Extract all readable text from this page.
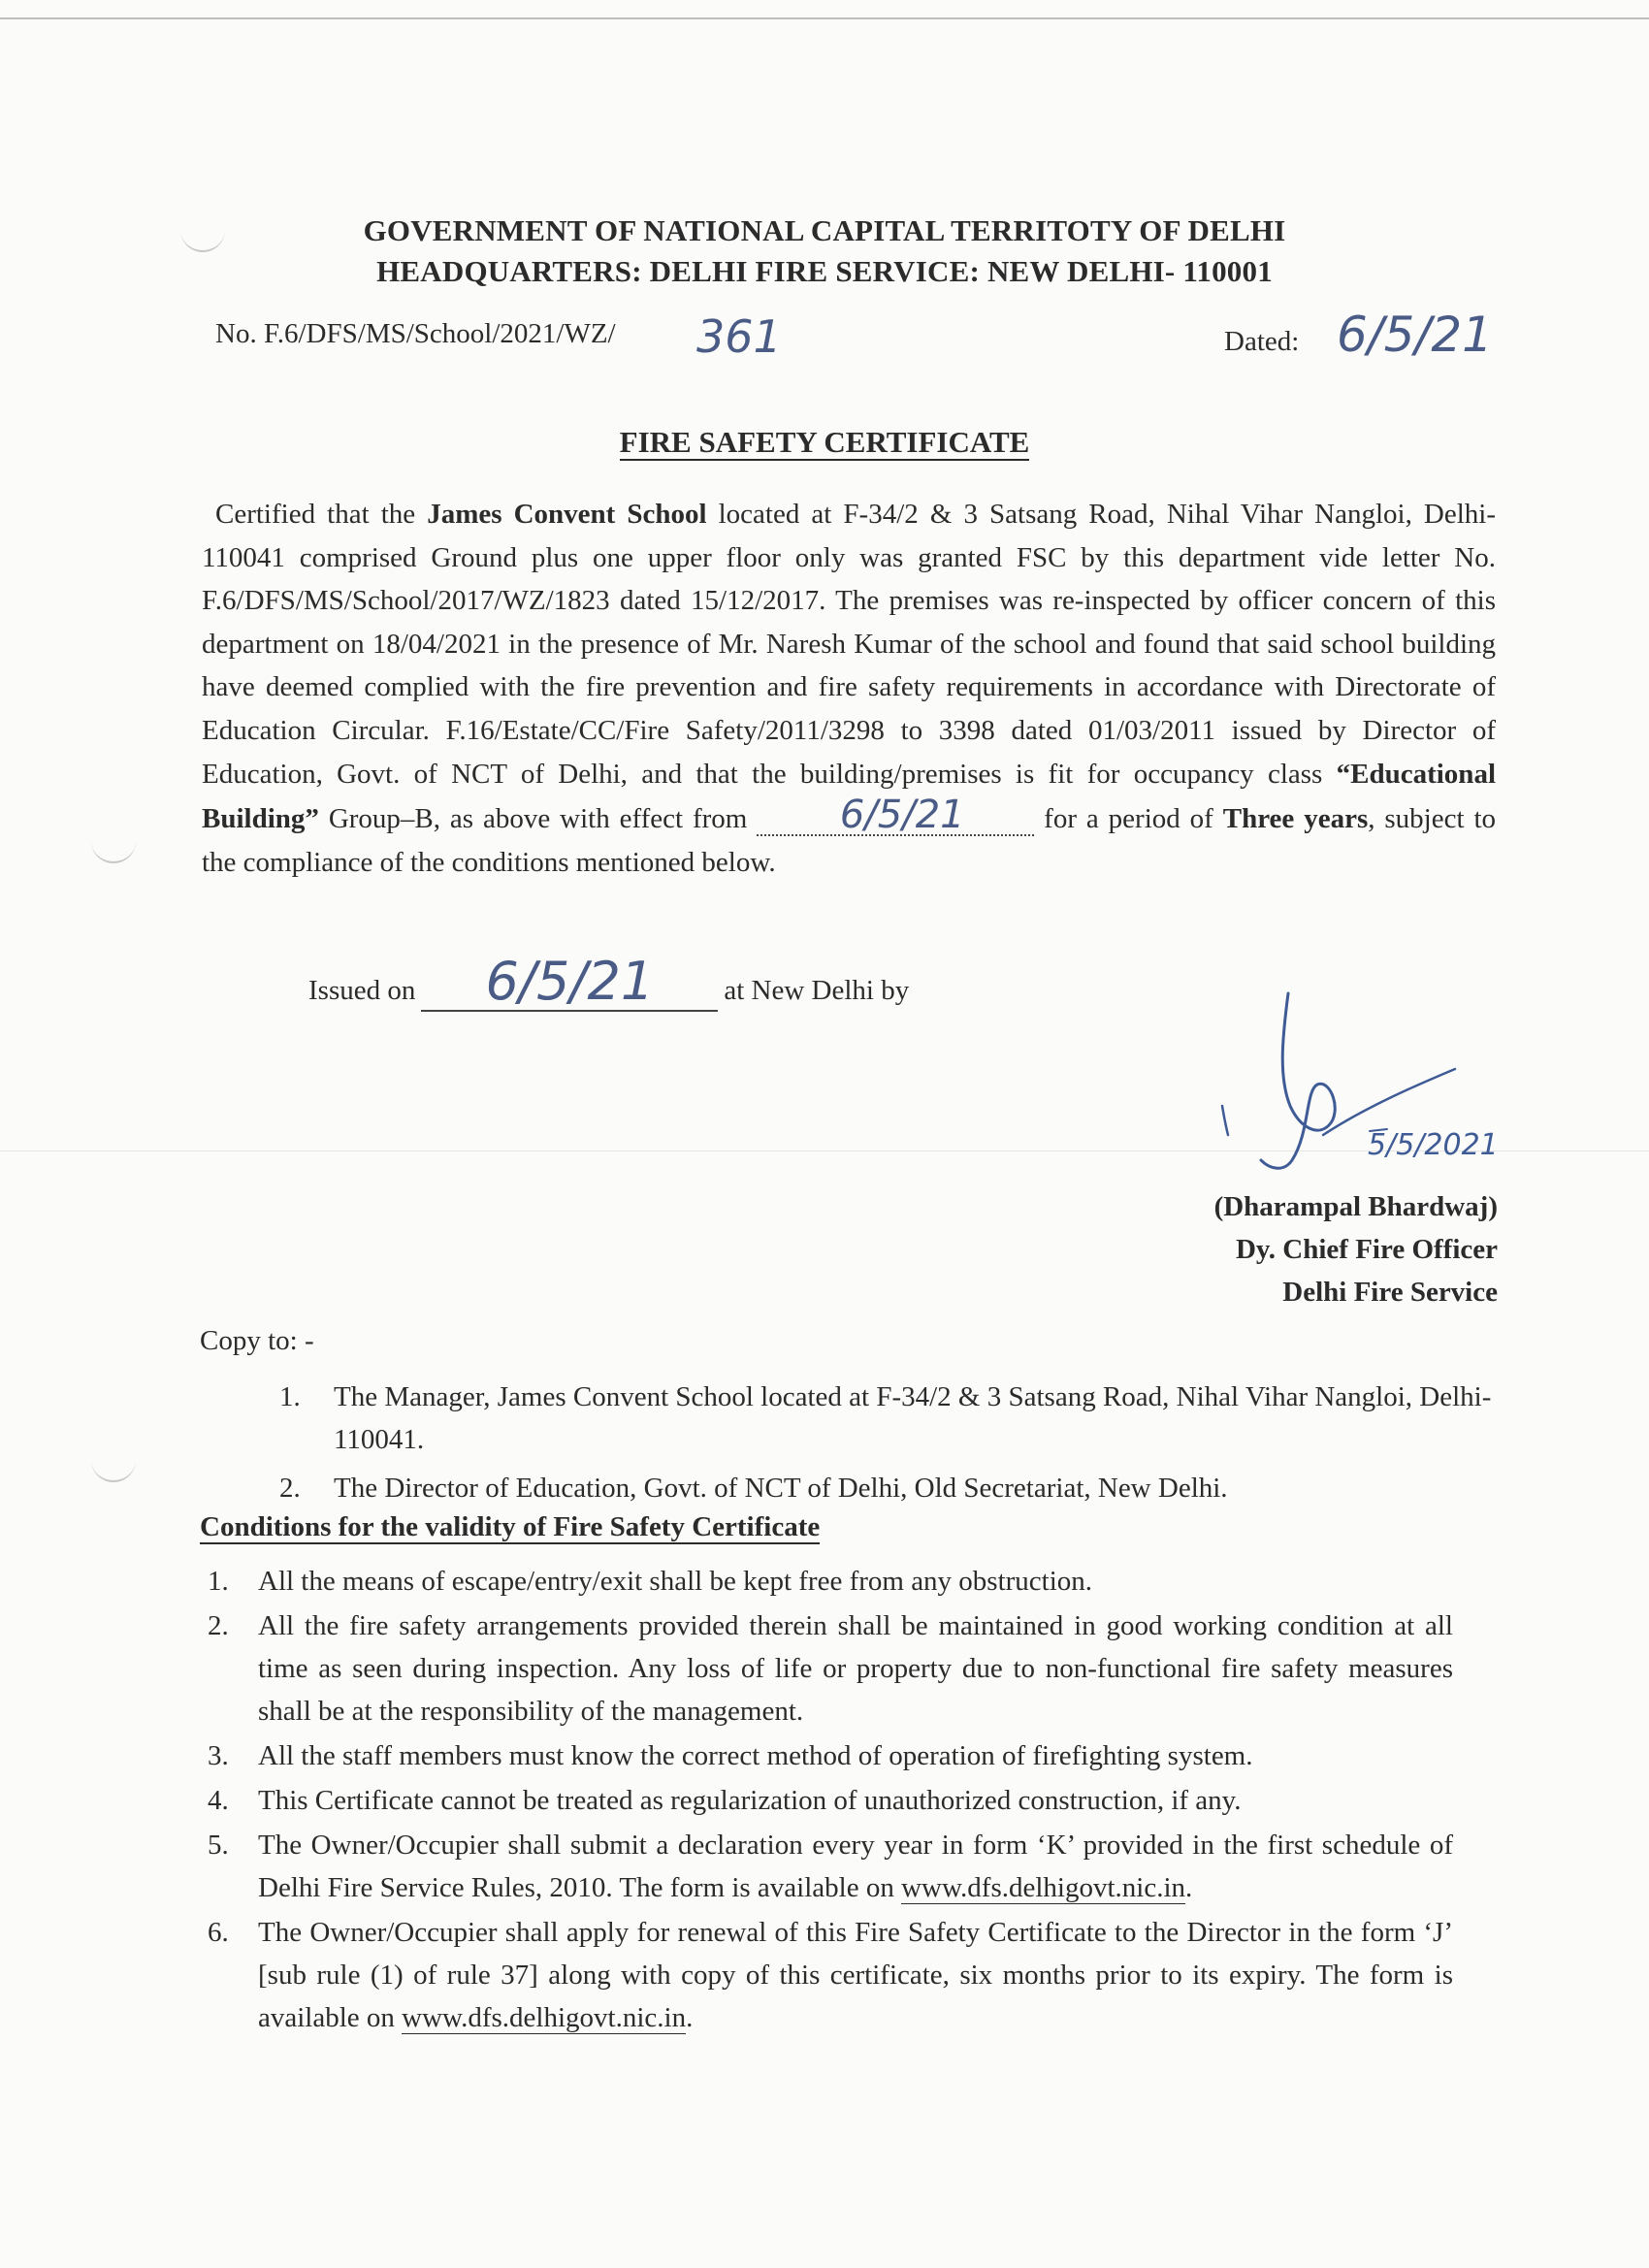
GOVERNMENT OF NATIONAL CAPITAL TERRITOTY OF DELHI
HEADQUARTERS: DELHI FIRE SERVICE: NEW DELHI- 110001
No. F.6/DFS/MS/School/2021/WZ/ 361	Dated: 6/5/21
FIRE SAFETY CERTIFICATE
Certified that the James Convent School located at F-34/2 & 3 Satsang Road, Nihal Vihar Nangloi, Delhi-110041 comprised Ground plus one upper floor only was granted FSC by this department vide letter No. F.6/DFS/MS/School/2017/WZ/1823 dated 15/12/2017. The premises was re-inspected by officer concern of this department on 18/04/2021 in the presence of Mr. Naresh Kumar of the school and found that said school building have deemed complied with the fire prevention and fire safety requirements in accordance with Directorate of Education Circular. F.16/Estate/CC/Fire Safety/2011/3298 to 3398 dated 01/03/2011 issued by Director of Education, Govt. of NCT of Delhi, and that the building/premises is fit for occupancy class “Educational Building” Group–B, as above with effect from 6/5/21 for a period of Three years, subject to the compliance of the conditions mentioned below.
Issued on 6/5/21 at New Delhi by
5/5/2021
(Dharampal Bhardwaj)
Dy. Chief Fire Officer
Delhi Fire Service
Copy to: -
1. The Manager, James Convent School located at F-34/2 & 3 Satsang Road, Nihal Vihar Nangloi, Delhi-110041.
2. The Director of Education, Govt. of NCT of Delhi, Old Secretariat, New Delhi.
Conditions for the validity of Fire Safety Certificate
1. All the means of escape/entry/exit shall be kept free from any obstruction.
2. All the fire safety arrangements provided therein shall be maintained in good working condition at all time as seen during inspection. Any loss of life or property due to non-functional fire safety measures shall be at the responsibility of the management.
3. All the staff members must know the correct method of operation of firefighting system.
4. This Certificate cannot be treated as regularization of unauthorized construction, if any.
5. The Owner/Occupier shall submit a declaration every year in form ‘K’ provided in the first schedule of Delhi Fire Service Rules, 2010. The form is available on www.dfs.delhigovt.nic.in.
6. The Owner/Occupier shall apply for renewal of this Fire Safety Certificate to the Director in the form ‘J’ [sub rule (1) of rule 37] along with copy of this certificate, six months prior to its expiry. The form is available on www.dfs.delhigovt.nic.in.
